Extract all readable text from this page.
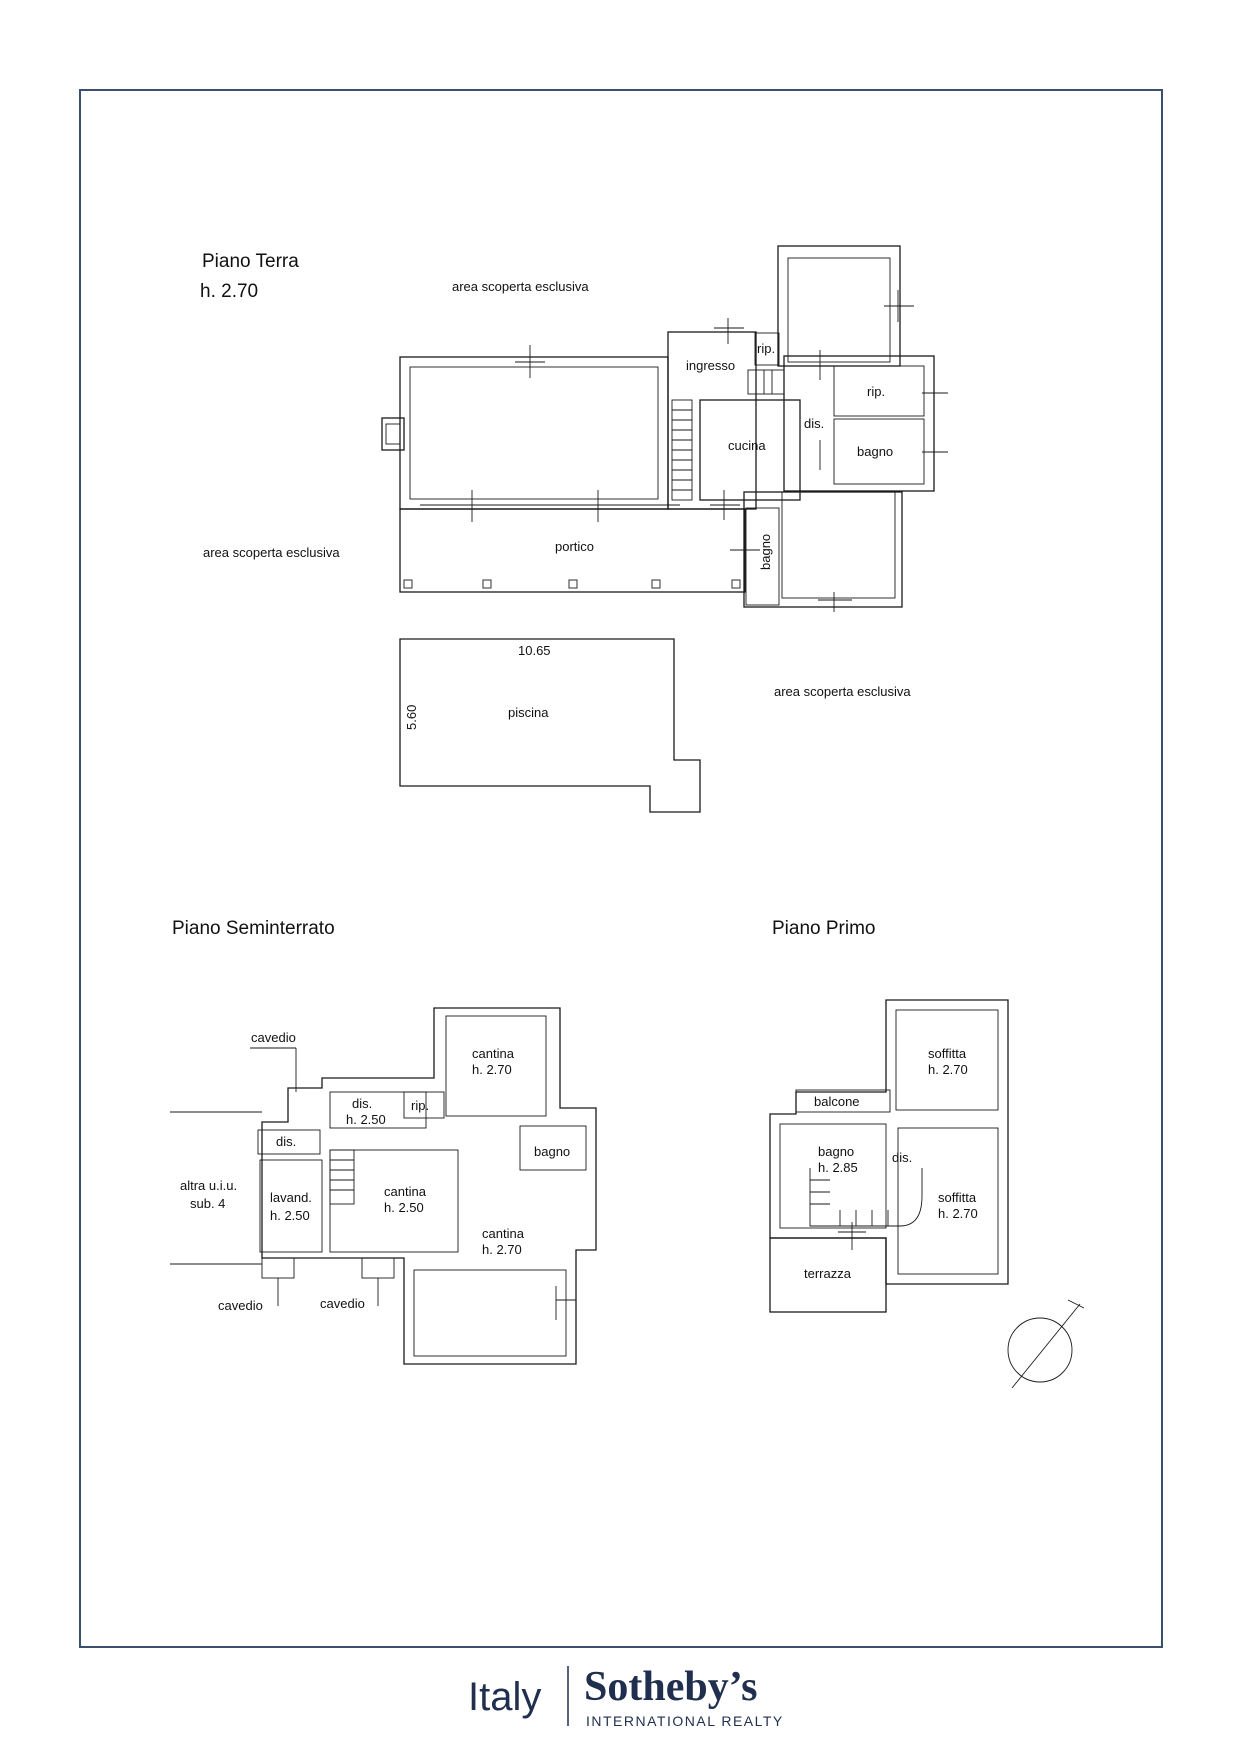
Piano Terra
h. 2.70	area scoperta esclusiva
area scoperta esclusiva
area scoperta esclusiva
portico
ingresso
rip.
cucina
dis.
rip.
bagno
bagno
10.65
5.60	piscina
Piano Seminterrato
cavedio
altra u.i.u.
sub. 4
dis.
lavand.
h. 2.50
dis.
h. 2.50
rip.
cantina
h. 2.70
bagno
cantina
h. 2.50
cantina
h. 2.70
cavedio	cavedio
Piano Primo
soffitta
h. 2.70
balcone
bagno
h. 2.85
dis.
soffitta
h. 2.70
terrazza
Italy Sotheby’s
INTERNATIONAL REALTY
